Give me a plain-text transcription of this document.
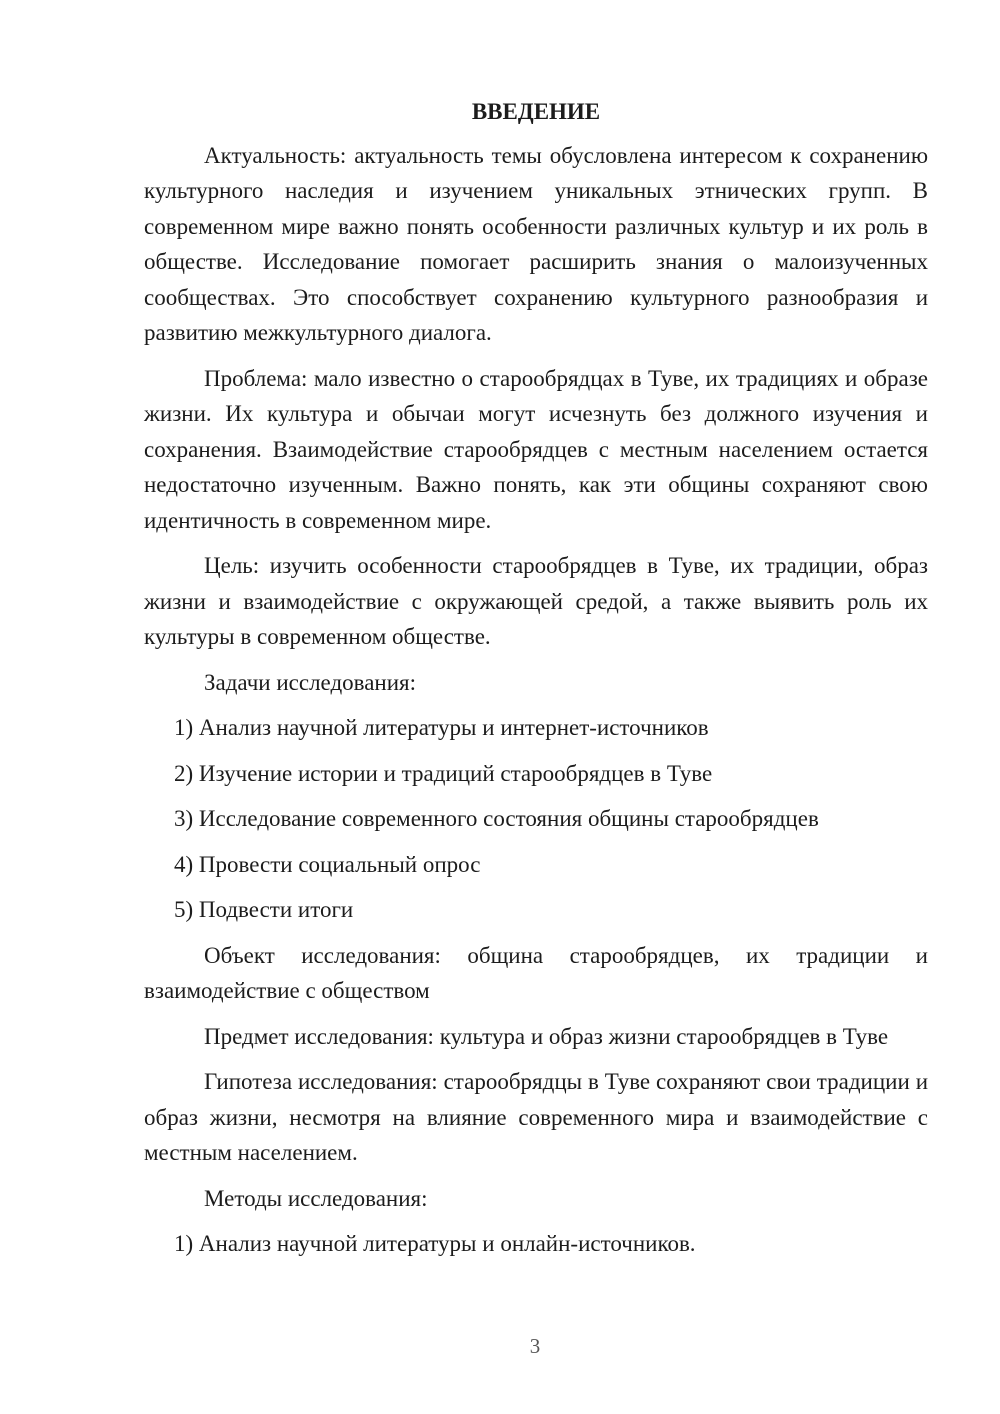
ВВЕДЕНИЕ

Актуальность: актуальность темы обусловлена интересом к сохранению культурного наследия и изучением уникальных этнических групп. В современном мире важно понять особенности различных культур и их роль в обществе. Исследование помогает расширить знания о малоизученных сообществах. Это способствует сохранению культурного разнообразия и развитию межкультурного диалога.

Проблема: мало известно о старообрядцах в Туве, их традициях и образе жизни. Их культура и обычаи могут исчезнуть без должного изучения и сохранения. Взаимодействие старообрядцев с местным населением остается недостаточно изученным. Важно понять, как эти общины сохраняют свою идентичность в современном мире.

Цель: изучить особенности старообрядцев в Туве, их традиции, образ жизни и взаимодействие с окружающей средой, а также выявить роль их культуры в современном обществе.

Задачи исследования:

1) Анализ научной литературы и интернет-источников
2) Изучение истории и традиций старообрядцев в Туве
3) Исследование современного состояния общины старообрядцев
4) Провести социальный опрос
5) Подвести итоги

Объект исследования: община старообрядцев, их традиции и взаимодействие с обществом

Предмет исследования: культура и образ жизни старообрядцев в Туве

Гипотеза исследования: старообрядцы в Туве сохраняют свои традиции и образ жизни, несмотря на влияние современного мира и взаимодействие с местным населением.

Методы исследования:

1) Анализ научной литературы и онлайн-источников.
3
